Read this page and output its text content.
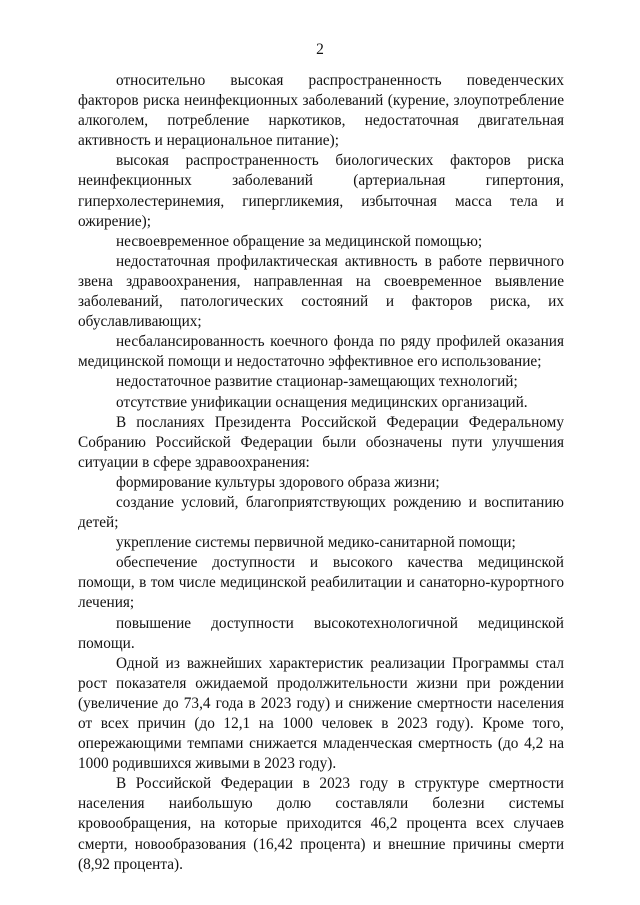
2

относительно высокая распространенность поведенческих факторов риска неинфекционных заболеваний (курение, злоупотребление алкоголем, потребление наркотиков, недостаточная двигательная активность и нерациональное питание);

высокая распространенность биологических факторов риска неинфекционных заболеваний (артериальная гипертония, гиперхолестеринемия, гипергликемия, избыточная масса тела и ожирение);

несвоевременное обращение за медицинской помощью;

недостаточная профилактическая активность в работе первичного звена здравоохранения, направленная на своевременное выявление заболеваний, патологических состояний и факторов риска, их обуславливающих;

несбалансированность коечного фонда по ряду профилей оказания медицинской помощи и недостаточно эффективное его использование;

недостаточное развитие стационар-замещающих технологий;

отсутствие унификации оснащения медицинских организаций.

В посланиях Президента Российской Федерации Федеральному Собранию Российской Федерации были обозначены пути улучшения ситуации в сфере здравоохранения:

формирование культуры здорового образа жизни;

создание условий, благоприятствующих рождению и воспитанию детей;

укрепление системы первичной медико-санитарной помощи;

обеспечение доступности и высокого качества медицинской помощи, в том числе медицинской реабилитации и санаторно-курортного лечения;

повышение доступности высокотехнологичной медицинской помощи.

Одной из важнейших характеристик реализации Программы стал рост показателя ожидаемой продолжительности жизни при рождении (увеличение до 73,4 года в 2023 году) и снижение смертности населения от всех причин (до 12,1 на 1000 человек в 2023 году). Кроме того, опережающими темпами снижается младенческая смертность (до 4,2 на 1000 родившихся живыми в 2023 году).

В Российской Федерации в 2023 году в структуре смертности населения наибольшую долю составляли болезни системы кровообращения, на которые приходится 46,2 процента всех случаев смерти, новообразования (16,42 процента) и внешние причины смерти (8,92 процента).
